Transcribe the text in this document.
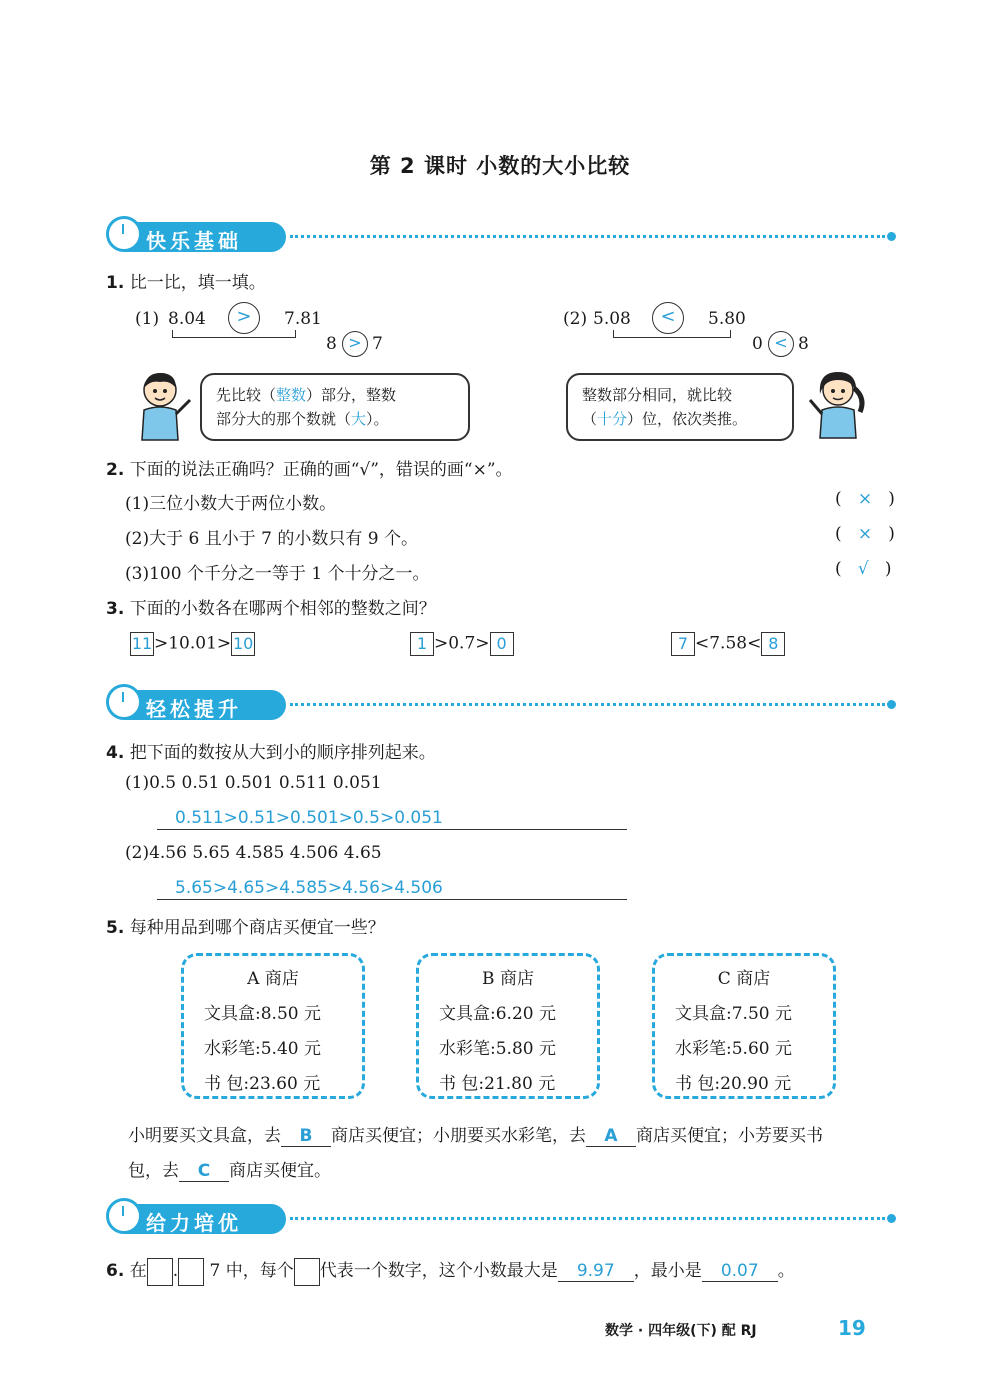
第 2 课时 小数的大小比较
快乐基础
1. 比一比，填一填。
(1) 8.04	>	7.81
8 > 7
(2) 5.08	<	5.80
0 < 8
先比较（整数）部分，整数
部分大的那个数就（大）。
整数部分相同，就比较
（十分）位，依次类推。
2. 下面的说法正确吗？正确的画“√”，错误的画“×”。
(1)三位小数大于两位小数。	(   ×   )
(2)大于 6 且小于 7 的小数只有 9 个。	(   ×   )
(3)100 个千分之一等于 1 个十分之一。	(   √   )
3. 下面的小数各在哪两个相邻的整数之间？
11 >10.01> 10	1 >0.7> 0	7 <7.58< 8
轻松提升
4. 把下面的数按从大到小的顺序排列起来。
(1)0.5 0.51 0.501 0.511 0.051
0.511>0.51>0.501>0.5>0.051
(2)4.56 5.65 4.585 4.506 4.65
5.65>4.65>4.585>4.56>4.506
5. 每种用品到哪个商店买便宜一些？
A 商店
文具盒:8.50 元
水彩笔:5.40 元
书 包:23.60 元
B 商店
文具盒:6.20 元
水彩笔:5.80 元
书 包:21.80 元
C 商店
文具盒:7.50 元
水彩笔:5.60 元
书 包:20.90 元
小明要买文具盒，去 B 商店买便宜；小朋要买水彩笔，去 A 商店买便宜；小芳要买书
包，去 C 商店买便宜。
给力培优
6. 在 . 7 中，每个 代表一个数字，这个小数最大是 9.97 ，最小是 0.07 。
数学 · 四年级(下) 配 RJ	19
